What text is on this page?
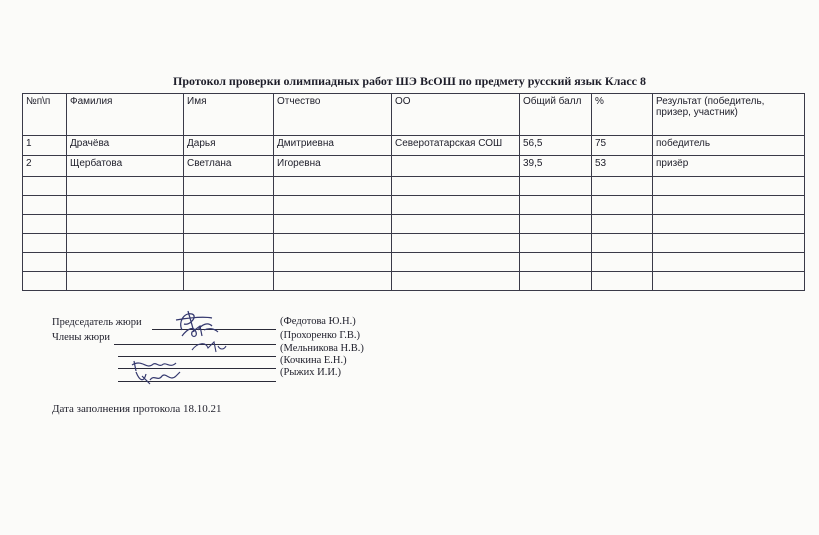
Протокол проверки олимпиадных работ ШЭ ВсОШ по предмету русский язык Класс 8
№п\п	Фамилия	Имя	Отчество	ОО	Общий балл	%	Результат (победитель, призер, участник)
1	Драчёва	Дарья	Дмитриевна	Северотатарская СОШ	56,5	75	победитель
2	Щербатова	Светлана	Игоревна		39,5	53	призёр

Председатель жюри	(Федотова Ю.Н.)
Члены жюри	(Прохоренко Г.В.)
(Мельникова Н.В.)
(Кочкина Е.Н.)
(Рыжих И.И.)
Дата заполнения протокола 18.10.21
